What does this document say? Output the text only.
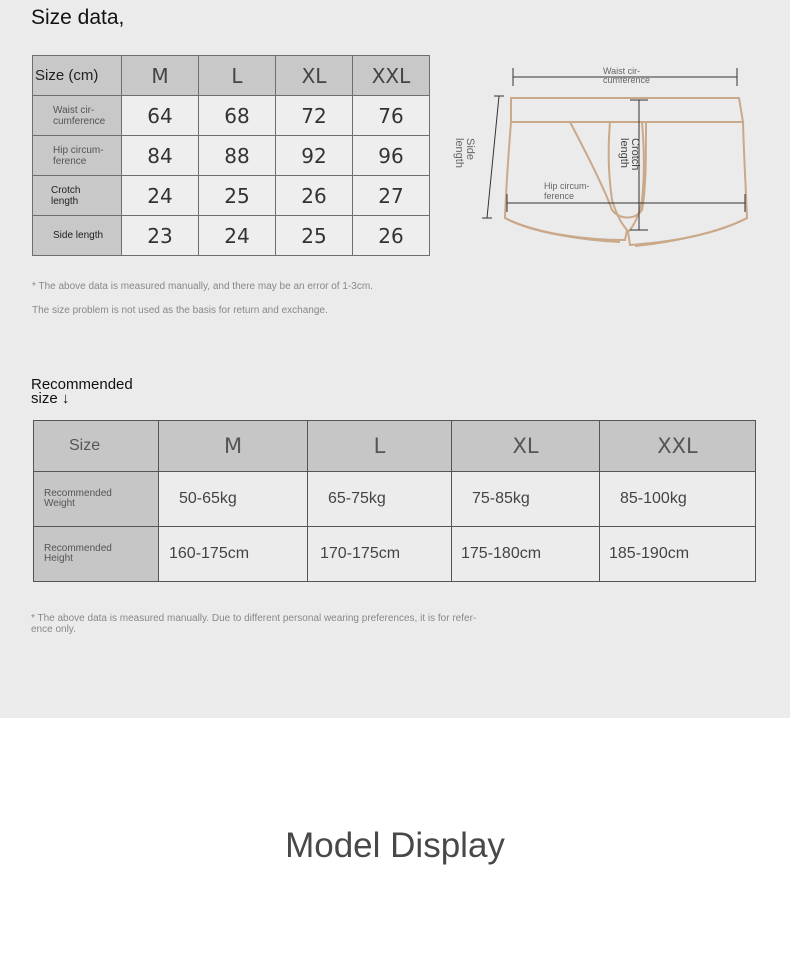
Size data,
Size (cm)	M	L	XL	XXL
Waist cir-
cumference	64	68	72	76
Hip circum-
ference	84	88	92	96
Crotch
length	24	25	26	27
Side length	23	24	25	26
* The above data is measured manually, and there may be an error of 1-3cm.
The size problem is not used as the basis for return and exchange.
Waist cir-
cumference
Side
length	Crotch
length
Hip circum-
ference
Recommended
size ↓
Size	M	L	XL	XXL
Recommended
Weight	50-65kg	65-75kg	75-85kg	85-100kg
Recommended
Height	160-175cm	170-175cm	175-180cm	185-190cm
* The above data is measured manually. Due to different personal wearing preferences, it is for refer-
ence only.
Model Display
